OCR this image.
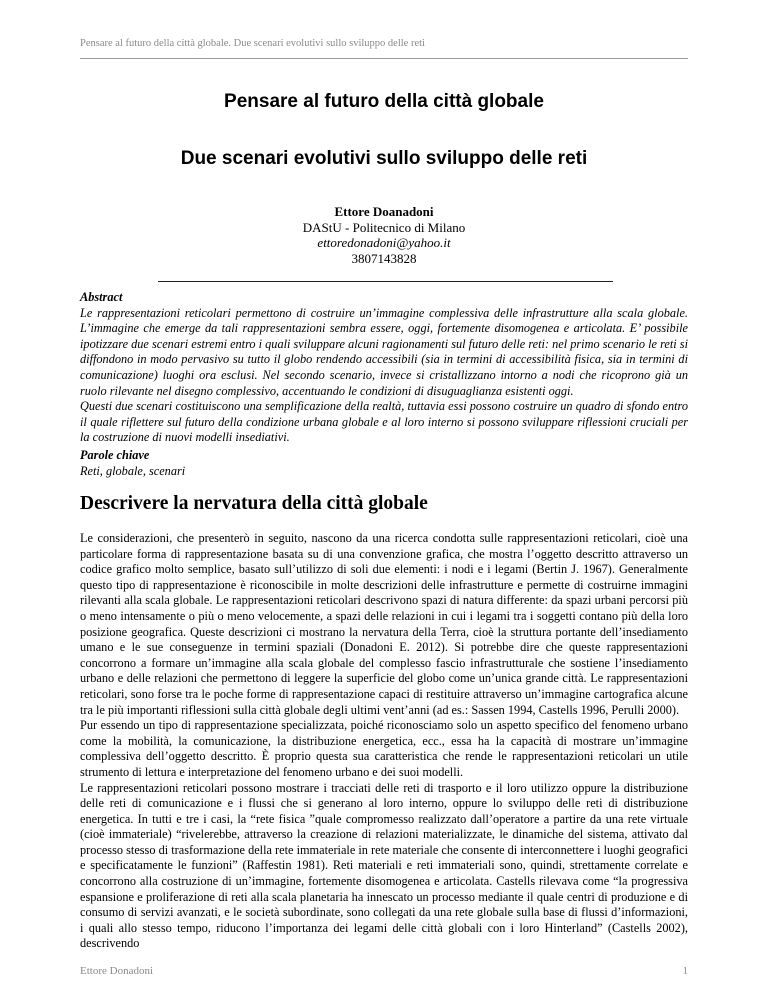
Pensare al futuro della città globale. Due scenari evolutivi sullo sviluppo delle reti
Pensare al futuro della città globale
Due scenari evolutivi sullo sviluppo delle reti
Ettore Doanadoni
DAStU - Politecnico di Milano
ettoredonadoni@yahoo.it
3807143828

Abstract

Le rappresentazioni reticolari permettono di costruire un’immagine complessiva delle infrastrutture alla scala globale. L’immagine che emerge da tali rappresentazioni sembra essere, oggi, fortemente disomogenea e articolata. E’ possibile ipotizzare due scenari estremi entro i quali sviluppare alcuni ragionamenti sul futuro delle reti: nel primo scenario le reti si diffondono in modo pervasivo su tutto il globo rendendo accessibili (sia in termini di accessibilità fisica, sia in termini di comunicazione) luoghi ora esclusi. Nel secondo scenario, invece si cristallizzano intorno a nodi che ricoprono già un ruolo rilevante nel disegno complessivo, accentuando le condizioni di disuguaglianza esistenti oggi.

Questi due scenari costituiscono una semplificazione della realtà, tuttavia essi possono costruire un quadro di sfondo entro il quale riflettere sul futuro della condizione urbana globale e al loro interno si possono sviluppare riflessioni cruciali per la costruzione di nuovi modelli insediativi.

Parole chiave

Reti, globale, scenari

Descrivere la nervatura della città globale

Le considerazioni, che presenterò in seguito, nascono da una ricerca condotta sulle rappresentazioni reticolari, cioè una particolare forma di rappresentazione basata su di una convenzione grafica, che mostra l’oggetto descritto attraverso un codice grafico molto semplice, basato sull’utilizzo di soli due elementi: i nodi e i legami (Bertin J. 1967). Generalmente questo tipo di rappresentazione è riconoscibile in molte descrizioni delle infrastrutture e permette di costruirne immagini rilevanti alla scala globale. Le rappresentazioni reticolari descrivono spazi di natura differente: da spazi urbani percorsi più o meno intensamente o più o meno velocemente, a spazi delle relazioni in cui i legami tra i soggetti contano più della loro posizione geografica. Queste descrizioni ci mostrano la nervatura della Terra, cioè la struttura portante dell’insediamento umano e le sue conseguenze in termini spaziali (Donadoni E. 2012). Si potrebbe dire che queste rappresentazioni concorrono a formare un’immagine alla scala globale del complesso fascio infrastrutturale che sostiene l’insediamento urbano e delle relazioni che permettono di leggere la superficie del globo come un’unica grande città. Le rappresentazioni reticolari, sono forse tra le poche forme di rappresentazione capaci di restituire attraverso un’immagine cartografica alcune tra le più importanti riflessioni sulla città globale degli ultimi vent’anni (ad es.: Sassen 1994, Castells 1996, Perulli 2000).

Pur essendo un tipo di rappresentazione specializzata, poiché riconosciamo solo un aspetto specifico del fenomeno urbano come la mobilità, la comunicazione, la distribuzione energetica, ecc., essa ha la capacità di mostrare un’immagine complessiva dell’oggetto descritto. È proprio questa sua caratteristica che rende le rappresentazioni reticolari un utile strumento di lettura e interpretazione del fenomeno urbano e dei suoi modelli.

Le rappresentazioni reticolari possono mostrare i tracciati delle reti di trasporto e il loro utilizzo oppure la distribuzione delle reti di comunicazione e i flussi che si generano al loro interno, oppure lo sviluppo delle reti di distribuzione energetica. In tutti e tre i casi, la “rete fisica ”quale compromesso realizzato dall’operatore a partire da una rete virtuale (cioè immateriale) “rivelerebbe, attraverso la creazione di relazioni materializzate, le dinamiche del sistema, attivato dal processo stesso di trasformazione della rete immateriale in rete materiale che consente di interconnettere i luoghi geografici e specificatamente le funzioni” (Raffestin 1981). Reti materiali e reti immateriali sono, quindi, strettamente correlate e concorrono alla costruzione di un’immagine, fortemente disomogenea e articolata. Castells rilevava come “la progressiva espansione e proliferazione di reti alla scala planetaria ha innescato un processo mediante il quale centri di produzione e di consumo di servizi avanzati, e le società subordinate, sono collegati da una rete globale sulla base di flussi d’informazioni, i quali allo stesso tempo, riducono l’importanza dei legami delle città globali con i loro Hinterland” (Castells 2002), descrivendo

Ettore Donadoni	1
